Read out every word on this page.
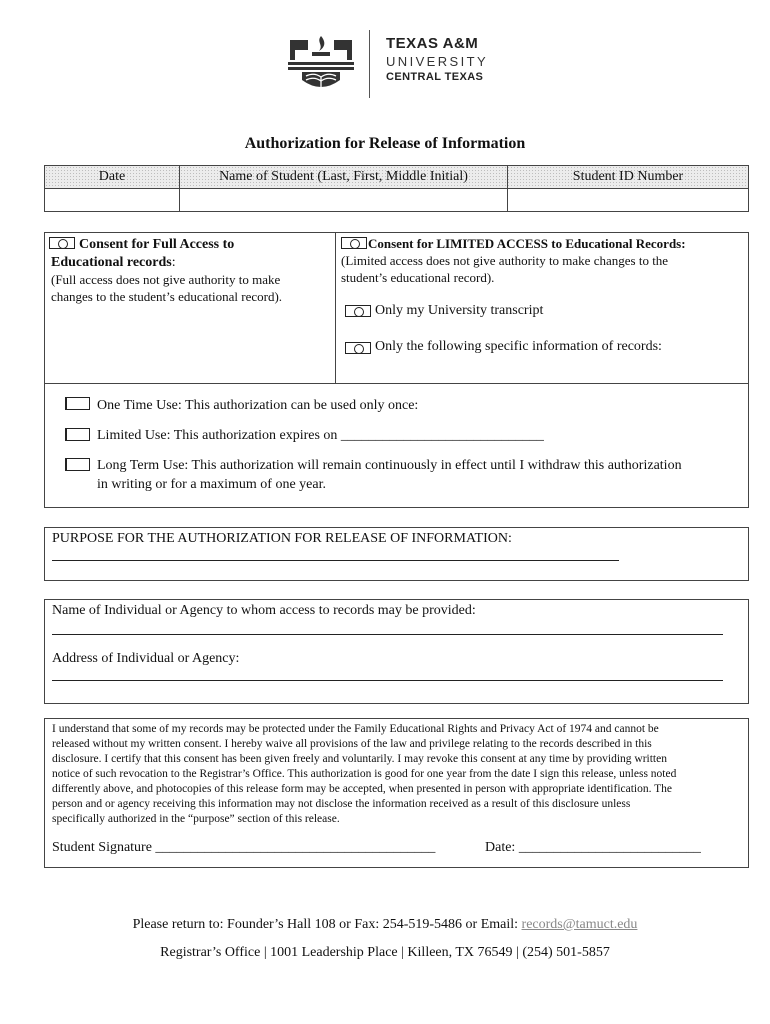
TEXAS A&M
UNIVERSITY
CENTRAL TEXAS
Authorization for Release of Information
Date	Name of Student (Last, First, Middle Initial)	Student ID Number
Consent for Full Access to
Educational records:
(Full access does not give authority to make
changes to the student’s educational record).
Consent for LIMITED ACCESS to Educational Records:
(Limited access does not give authority to make changes to the
student’s educational record).
Only my University transcript
Only the following specific information of records:
One Time Use: This authorization can be used only once:
Limited Use: This authorization expires on _____________________________
Long Term Use: This authorization will remain continuously in effect until I withdraw this authorization
in writing or for a maximum of one year.
PURPOSE FOR THE AUTHORIZATION FOR RELEASE OF INFORMATION:
Name of Individual or Agency to whom access to records may be provided:
Address of Individual or Agency:
I understand that some of my records may be protected under the Family Educational Rights and Privacy Act of 1974 and cannot be
released without my written consent. I hereby waive all provisions of the law and privilege relating to the records described in this
disclosure. I certify that this consent has been given freely and voluntarily. I may revoke this consent at any time by providing written
notice of such revocation to the Registrar’s Office. This authorization is good for one year from the date I sign this release, unless noted
differently above, and photocopies of this release form may be accepted, when presented in person with appropriate identification. The
person and or agency receiving this information may not disclose the information received as a result of this disclosure unless
specifically authorized in the “purpose” section of this release.
Student Signature ________________________________________	Date: __________________________
Please return to: Founder’s Hall 108 or Fax: 254-519-5486 or Email: records@tamuct.edu
Registrar’s Office | 1001 Leadership Place | Killeen, TX 76549 | (254) 501-5857
